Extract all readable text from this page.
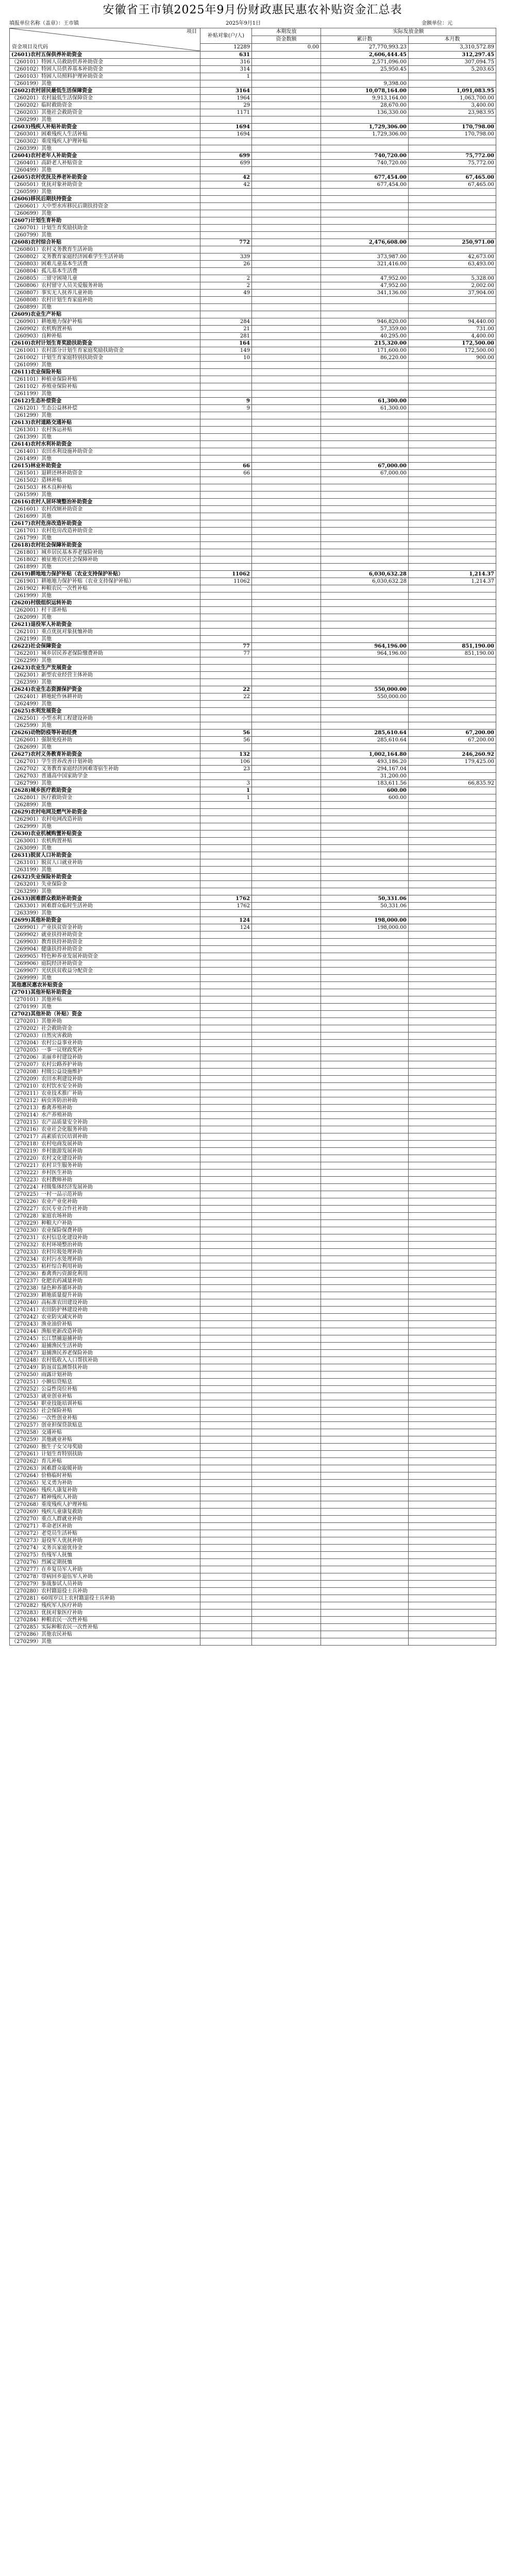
安徽省王市镇2025年9月份财政惠民惠农补贴资金汇总表
填报单位名称（盖章）：王市镇	2025年9月1日	金额单位：元
项目
资金项目及代码	补贴对象(户/人)	本期发放	实际发放金额	
		资金数额	累计数	本月数
	12289	0.00	27,770,993.23	3,310,572.89
(2601)农村五保供养补助资金	631		2,606,444.45	312,297.45
（260101）特困人员救助供养补助资金	316		2,571,096.00	307,094.75
（260102）特困人员供养基本补助资金	314		25,950.45	5,203.65
（260103）特困人员照料护理补助资金	1			
（260199）其他			9,398.00	
(2602)农村居民最低生活保障资金	3164		10,078,164.00	1,091,083.95
（260201）农村最低生活保障资金	1964		9,913,164.00	1,063,700.00
（260202）临时救助资金	29		28,670.00	3,400.00
（260203）其他社会救助资金	1171		136,330.00	23,983.95
（260299）其他				
(2603)残疾人补贴补助资金	1694		1,729,306.00	170,798.00
（260301）困难残疾人生活补贴	1694		1,729,306.00	170,798.00
（260302）重度残疾人护理补贴				
（260399）其他				
(2604)农村老年人补助资金	699		740,720.00	75,772.00
（260401）高龄老人补贴资金	699		740,720.00	75,772.00
（260499）其他				
(2605)农村优抚及养老补助资金	42		677,454.00	67,465.00
（260501）优抚对象补助资金	42		677,454.00	67,465.00
（260599）其他				
(2606)移民后期扶持资金				
（260601）大中型水库移民后期扶持资金				
（260699）其他				
(2607)计划生育补助				
（260701）计划生育奖励扶助金				
（260799）其他				
(2608)农村综合补贴	772		2,476,608.00	250,971.00
（260801）农村义务教育生活补助				
（260802）义务教育家庭经济困难学生生活补助	339		373,987.00	42,673.00
（260803）困难儿童基本生活费	26		321,416.00	63,493.00
（260804）孤儿基本生活费				
（260805）三留守困境儿童	2		47,952.00	5,328.00
（260806）农村留守人员关爱服务补助	2		47,952.00	2,002.00
（260807）事实无人抚养儿童补助	49		341,136.00	37,904.00
（260808）农村计划生育家庭补助				
（260899）其他				
(2609)农业生产补贴				
（260901）耕地地力保护补贴	284		946,820.00	94,440.00
（260902）农机购置补贴	21		57,359.00	731.00
（260903）良种补贴	281		40,295.00	4,400.00
(2610)农村计划生育奖励扶助资金	164		215,320.00	172,500.00
（261001）农村部分计划生育家庭奖励扶助资金	149		171,600.00	172,500.00
（261002）计划生育家庭特别扶助资金	10		86,220.00	900.00
（261099）其他				
(2611)农业保险补贴				
（261101）种植业保险补贴				
（261102）养殖业保险补贴				
（261199）其他				
(2612)生态补偿资金	9		61,300.00	
（261201）生态公益林补偿	9		61,300.00	
（261299）其他				
(2613)农村道路交通补贴				
（261301）农村客运补贴				
（261399）其他				
(2614)农村水利补助资金				
（261401）农田水利设施补助资金				
（261499）其他				
(2615)林业补助资金	66		67,000.00	
（261501）退耕还林补助资金	66		67,000.00	
（261502）造林补贴				
（261503）林木良种补贴				
（261599）其他				
(2616)农村人居环境整治补助资金				
（261601）农村改厕补助资金				
（261699）其他				
(2617)农村危房改造补助资金				
（261701）农村危房改造补助资金				
（261799）其他				
(2618)农村社会保障补助资金				
（261801）城乡居民基本养老保险补助				
（261802）被征地农民社会保障补助				
（261899）其他				
(2619)耕地地力保护补贴（农业支持保护补贴）	11062		6,030,632.28	1,214.37
（261901）耕地地力保护补贴（农业支持保护补贴）	11062		6,030,632.28	1,214.37
（261902）种粮农民一次性补贴				
（261999）其他				
(2620)村级组织运转补助				
（262001）村干部补贴				
（262099）其他				
(2621)退役军人补助资金				
（262101）重点优抚对象抚恤补助				
（262199）其他				
(2622)社会保障资金	77		964,196.00	851,190.00
（262201）城乡居民养老保险缴费补助	77		964,196.00	851,190.00
（262299）其他				
(2623)农业生产发展资金				
（262301）新型农业经营主体补助				
（262399）其他				
(2624)农业生态资源保护资金	22		550,000.00	
（262401）耕地轮作休耕补助	22		550,000.00	
（262499）其他				
(2625)水利发展资金				
（262501）小型水利工程建设补助				
（262599）其他				
(2626)动物防疫等补助经费	56		285,610.64	67,200.00
（262601）强制免疫补助	56		285,610.64	67,200.00
（262699）其他				
(2627)农村义务教育补助资金	132		1,002,164.80	246,260.92
（262701）学生营养改善计划补助	106		493,186.20	179,425.00
（262702）义务教育家庭经济困难寄宿生补助	23		294,167.04	
（262703）普通高中国家助学金			31,200.00	
（262799）其他	3		183,611.56	66,835.92
(2628)城乡医疗救助资金	1		600.00	
（262801）医疗救助资金	1		600.00	
（262899）其他				
(2629)农村电网及燃气补助资金				
（262901）农村电网改造补助				
（262999）其他				
(2630)农业机械购置补贴资金				
（263001）农机购置补贴				
（263099）其他				
(2631)脱贫人口补助资金				
（263101）脱贫人口就业补助				
（263199）其他				
(2632)失业保险补助资金				
（263201）失业保险金				
（263299）其他				
(2633)困难群众救助补助资金	1762		50,331.06	
（263301）困难群众临时生活补助	1762		50,331.06	
（263399）其他				
(2699)其他补助资金	124		198,000.00	
（269901）产业扶贫资金补助	124		198,000.00	
（269902）就业扶持补助资金				
（269903）教育扶持补助资金				
（269904）健康扶持补助资金				
（269905）特色种养业发展补助资金				
（269906）庭院经济补助资金				
（269907）光伏扶贫收益分配资金				
（269999）其他				
其他惠民惠农补贴资金				
(2701)其他补贴补助资金				
（270101）其他补贴				
（270199）其他				
(2702)其他补助（补贴）资金				
（270201）其他补助				
（270202）社会救助资金				
（270203）自然灾害救助				
（270204）农村公益事业补助				
（270205）一事一议财政奖补				
（270206）美丽乡村建设补助				
（270207）农村公路养护补助				
（270208）村级公益设施维护				
（270209）农田水利建设补助				
（270210）农村饮水安全补助				
（270211）农业技术推广补助				
（270212）病虫害防治补助				
（270213）畜禽养殖补助				
（270214）水产养殖补助				
（270215）农产品质量安全补助				
（270216）农业社会化服务补助				
（270217）高素质农民培训补助				
（270218）农村电商发展补助				
（270219）乡村旅游发展补助				
（270220）农村文化建设补助				
（270221）农村卫生服务补助				
（270222）乡村医生补助				
（270223）农村教师补助				
（270224）村级集体经济发展补助				
（270225）一村一品示范补助				
（270226）农业产业化补助				
（270227）农民专业合作社补助				
（270228）家庭农场补助				
（270229）种粮大户补助				
（270230）农业保险保费补助				
（270231）农村信息化建设补助				
（270232）农村环境整治补助				
（270233）农村垃圾处理补助				
（270234）农村污水处理补助				
（270235）秸秆综合利用补助				
（270236）畜禽粪污资源化利用				
（270237）化肥农药减量补助				
（270238）绿色种养循环补助				
（270239）耕地质量提升补助				
（270240）高标准农田建设补助				
（270241）农田防护林建设补助				
（270242）农业防灾减灾补助				
（270243）渔业油价补贴				
（270244）渔船更新改造补助				
（270245）长江禁捕退捕补助				
（270246）退捕渔民生活补助				
（270247）退捕渔民养老保险补助				
（270248）农村低收入人口帮扶补助				
（270249）防返贫监测帮扶补助				
（270250）雨露计划补助				
（270251）小额信贷贴息				
（270252）公益性岗位补贴				
（270253）就业创业补贴				
（270254）职业技能培训补贴				
（270255）社会保险补贴				
（270256）一次性创业补贴				
（270257）创业担保贷款贴息				
（270258）交通补贴				
（270259）其他就业补贴				
（270260）独生子女父母奖励				
（270261）计划生育特别扶助				
（270262）育儿补贴				
（270263）困难群众取暖补助				
（270264）价格临时补贴				
（270265）见义勇为补助				
（270266）残疾人康复补助				
（270267）精神残疾人补助				
（270268）重度残疾人护理补贴				
（270269）残疾儿童康复救助				
（270270）重点人群就业补助				
（270271）革命老区补助				
（270272）老党员生活补贴				
（270273）退役军人优抚补助				
（270274）义务兵家庭优待金				
（270275）伤残军人抚恤				
（270276）烈属定期抚恤				
（270277）在乡复员军人补助				
（270278）带病回乡退伍军人补助				
（270279）参战参试人员补助				
（270280）农村籍退役士兵补助				
（270281）60周岁以上农村籍退役士兵补助				
（270282）残疾军人医疗补助				
（270283）优抚对象医疗补助				
（270284）种粮农民一次性补贴				
（270285）实际种粮农民一次性补贴				
（270286）其他农民补贴				
（270299）其他				
